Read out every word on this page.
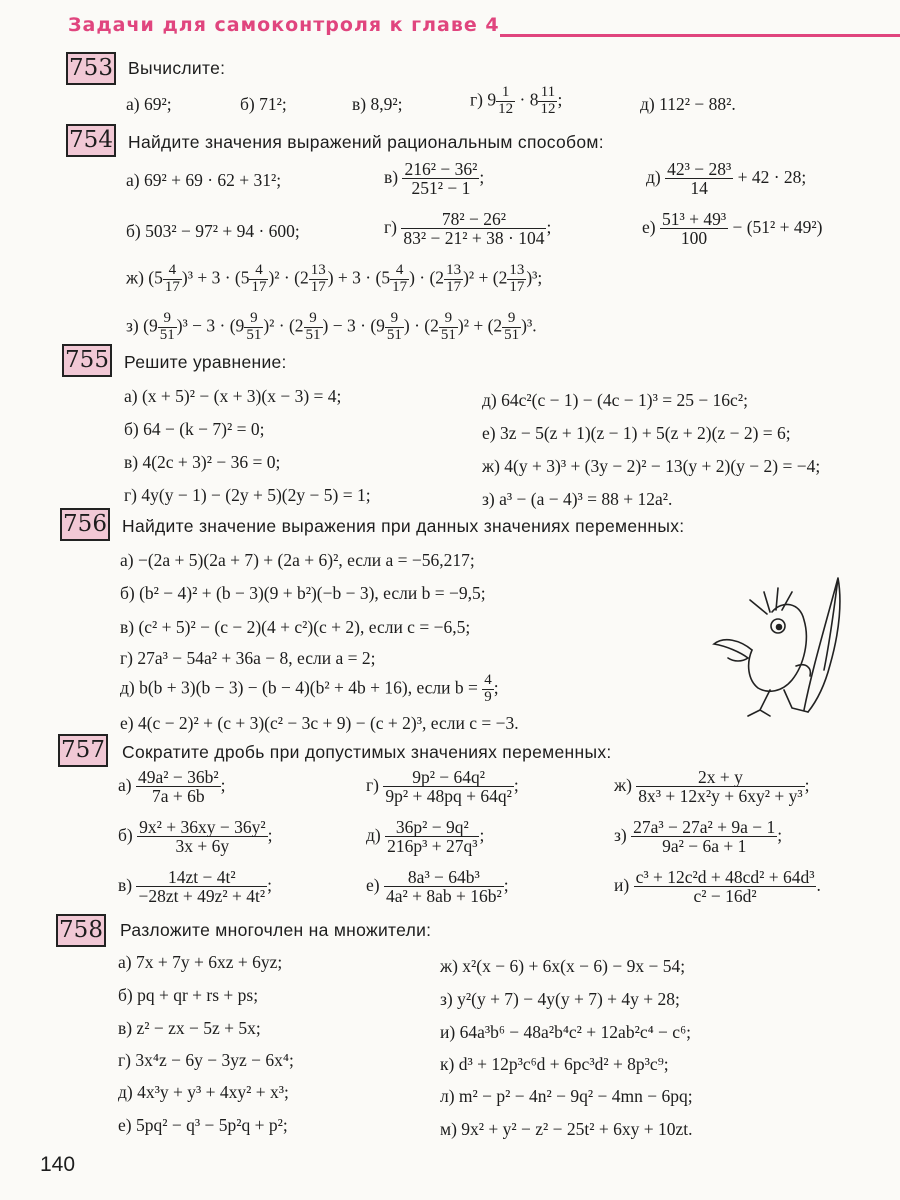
Задачи для самоконтроля к главе 4
753 Вычислите:
а) 69²;	б) 71²;	в) 8,9²;	г) $9 \frac{1}{12} \cdot 8 \frac{11}{12}$ ;	д) 112² − 88².
754 Найдите значения выражений рациональным способом:
а) 69² + 69 · 62 + 31²;	$в) \frac{\text{216² − 36²}}{\text{251² − 1}}$ ;	$д) \frac{\text{42³ − 28³}}{14} + 42 \cdot 28$;
б) 503² − 97² + 94 · 600;	$г) \frac{\text{78² − 26²}}{\text{83² − 21² + 38 · 104}}$ ;	$е) \frac{\text{51³ + 49³}}{100} - (51^2 + 49^2)$
ж) $(5 \frac{4}{17} )^3 + 3 \cdot (5 \frac{4}{17} )^2 \cdot (2 \frac{13}{17}$ ) + $3 \cdot (5 \frac{4}{17}$ ) · $(2 \frac{13}{17} )^2 + (2 \frac{13}{17} )^3$;
з) $(9 \frac{9}{51} )^3 - 3 \cdot (9 \frac{9}{51} )^2 \cdot (2 \frac{9}{51}$ ) − $3 \cdot (9 \frac{9}{51}$ ) · $(2 \frac{9}{51} )^2 + (2 \frac{9}{51} )^3$.
755 Решите уравнение:
а) (x + 5)² − (x + 3)(x − 3) = 4;
б) 64 − (k − 7)² = 0;
в) 4(2c + 3)² − 36 = 0;
г) 4y(y − 1) − (2y + 5)(2y − 5) = 1;
д) 64c²(c − 1) − (4c − 1)³ = 25 − 16c²;
е) 3z − 5(z + 1)(z − 1) + 5(z + 2)(z − 2) = 6;
ж) 4(y + 3)³ + (3y − 2)² − 13(y + 2)(y − 2) = −4;
з) a³ − (a − 4)³ = 88 + 12a².
756 Найдите значение выражения при данных значениях переменных:
а) −(2a + 5)(2a + 7) + (2a + 6)², если a = −56,217;
б) (b² − 4)² + (b − 3)(9 + b²)(−b − 3), если b = −9,5;
в) (c² + 5)² − (c − 2)(4 + c²)(c + 2), если c = −6,5;
г) 27a³ − 54a² + 36a − 8, если a = 2;
д) b(b + 3)(b − 3) − (b − 4)(b² + 4b + 16), если $b = \frac{4}{9}$ ;
е) 4(c − 2)² + (c + 3)(c² − 3c + 9) − (c + 2)³, если c = −3.
757 Сократите дробь при допустимых значениях переменных:
$а) \frac{\text{49a² − 36b²}}{7a + 6b}$ ;	$г) \frac{\text{9p² − 64q²}}{\text{9p² + 48pq + 64q²}}$ ;	$ж) \frac{2x + y}{\text{8x³ + 12x²y + 6xy² + y³}}$ ;
$б) \frac{\text{9x² + 36xy − 36y²}}{3x + 6y}$ ;	$д) \frac{\text{36p² − 9q²}}{\text{216p³ + 27q³}}$ ;	$з) \frac{\text{27a³ − 27a² + 9a − 1}}{\text{9a² − 6a + 1}}$ ;
$в) \frac{\text{14zt − 4t²}}{\text{−28zt + 49z² + 4t²}}$ ;	$е) \frac{\text{8a³ − 64b³}}{\text{4a² + 8ab + 16b²}}$ ;	$и) \frac{\text{c³ + 12c²d + 48cd² + 64d³}}{\text{c² − 16d²}}$ .
758 Разложите многочлен на множители:
а) 7x + 7y + 6xz + 6yz;
б) pq + qr + rs + ps;
в) z² − zx − 5z + 5x;
г) 3x⁴z − 6y − 3yz − 6x⁴;
д) 4x³y + y³ + 4xy² + x³;
е) 5pq² − q³ − 5p²q + p²;
ж) x²(x − 6) + 6x(x − 6) − 9x − 54;
з) y²(y + 7) − 4y(y + 7) + 4y + 28;
и) 64a³b⁶ − 48a²b⁴c² + 12ab²c⁴ − c⁶;
к) d³ + 12p³c⁶d + 6pc³d² + 8p³c⁹;
л) m² − p² − 4n² − 9q² − 4mn − 6pq;
м) 9x² + y² − z² − 25t² + 6xy + 10zt.
140
